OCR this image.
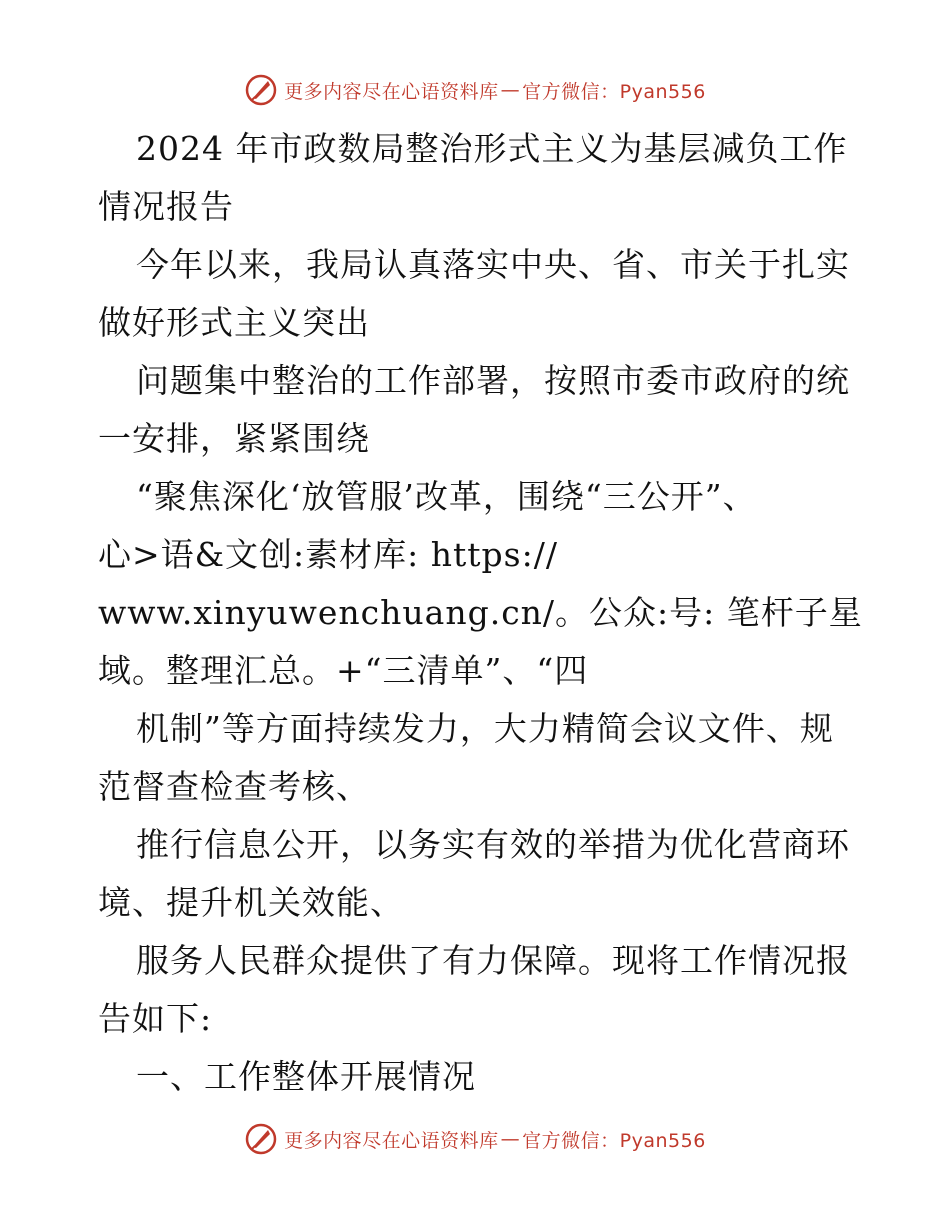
更多内容尽在心语资料库 — 官方微信：Pyan556
2024 年市政数局整治形式主义为基层减负工作
情况报告
今年以来，我局认真落实中央、省、市关于扎实
做好形式主义突出
问题集中整治的工作部署，按照市委市政府的统
一安排，紧紧围绕
“聚焦深化‘放管服’改革，围绕“三公开”、
心>语&文创:素材库: https://
www.xinyuwenchuang.cn/。公众:号: 笔杆子星
域。整理汇总。+“三清单”、“四
机制”等方面持续发力，大力精简会议文件、规
范督查检查考核、
推行信息公开，以务实有效的举措为优化营商环
境、提升机关效能、
服务人民群众提供了有力保障。现将工作情况报
告如下:
一、工作整体开展情况
更多内容尽在心语资料库 — 官方微信：Pyan556
